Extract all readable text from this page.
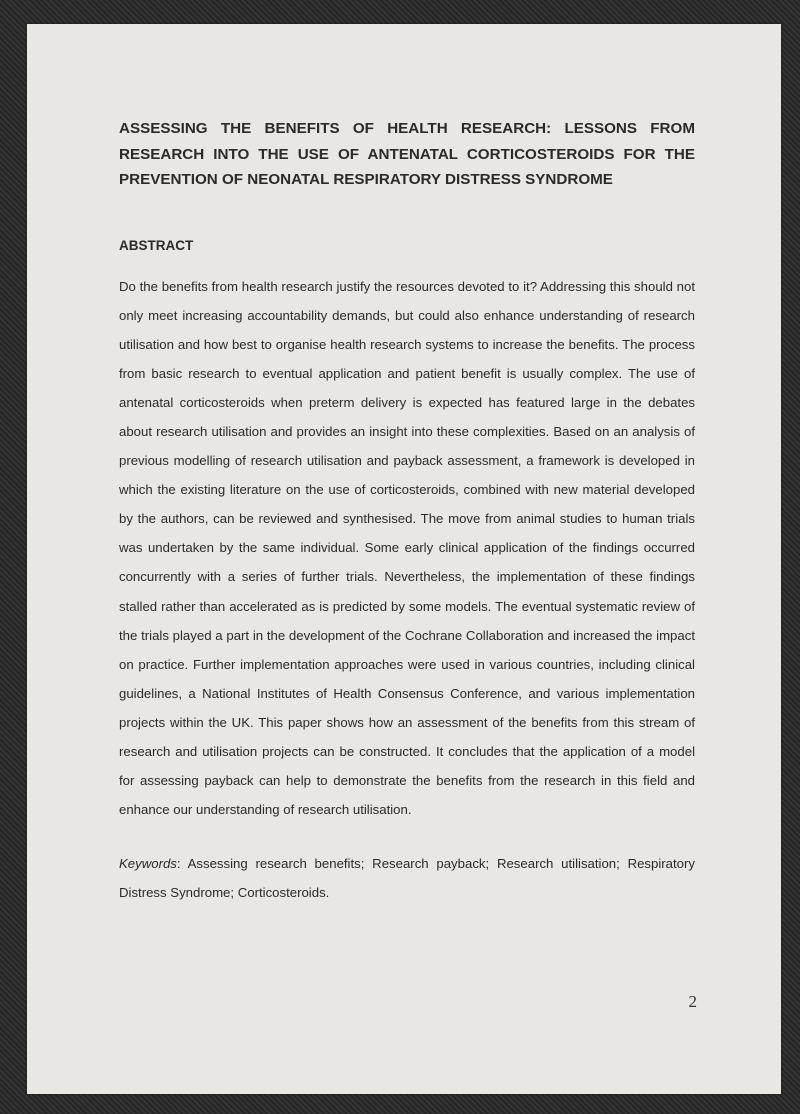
ASSESSING THE BENEFITS OF HEALTH RESEARCH: LESSONS FROM RESEARCH INTO THE USE OF ANTENATAL CORTICOSTEROIDS FOR THE PREVENTION OF NEONATAL RESPIRATORY DISTRESS SYNDROME
ABSTRACT

Do the benefits from health research justify the resources devoted to it? Addressing this should not only meet increasing accountability demands, but could also enhance understanding of research utilisation and how best to organise health research systems to increase the benefits. The process from basic research to eventual application and patient benefit is usually complex. The use of antenatal corticosteroids when preterm delivery is expected has featured large in the debates about research utilisation and provides an insight into these complexities. Based on an analysis of previous modelling of research utilisation and payback assessment, a framework is developed in which the existing literature on the use of corticosteroids, combined with new material developed by the authors, can be reviewed and synthesised. The move from animal studies to human trials was undertaken by the same individual. Some early clinical application of the findings occurred concurrently with a series of further trials. Nevertheless, the implementation of these findings stalled rather than accelerated as is predicted by some models. The eventual systematic review of the trials played a part in the development of the Cochrane Collaboration and increased the impact on practice. Further implementation approaches were used in various countries, including clinical guidelines, a National Institutes of Health Consensus Conference, and various implementation projects within the UK. This paper shows how an assessment of the benefits from this stream of research and utilisation projects can be constructed. It concludes that the application of a model for assessing payback can help to demonstrate the benefits from the research in this field and enhance our understanding of research utilisation.

Keywords: Assessing research benefits; Research payback; Research utilisation; Respiratory Distress Syndrome; Corticosteroids.

2
